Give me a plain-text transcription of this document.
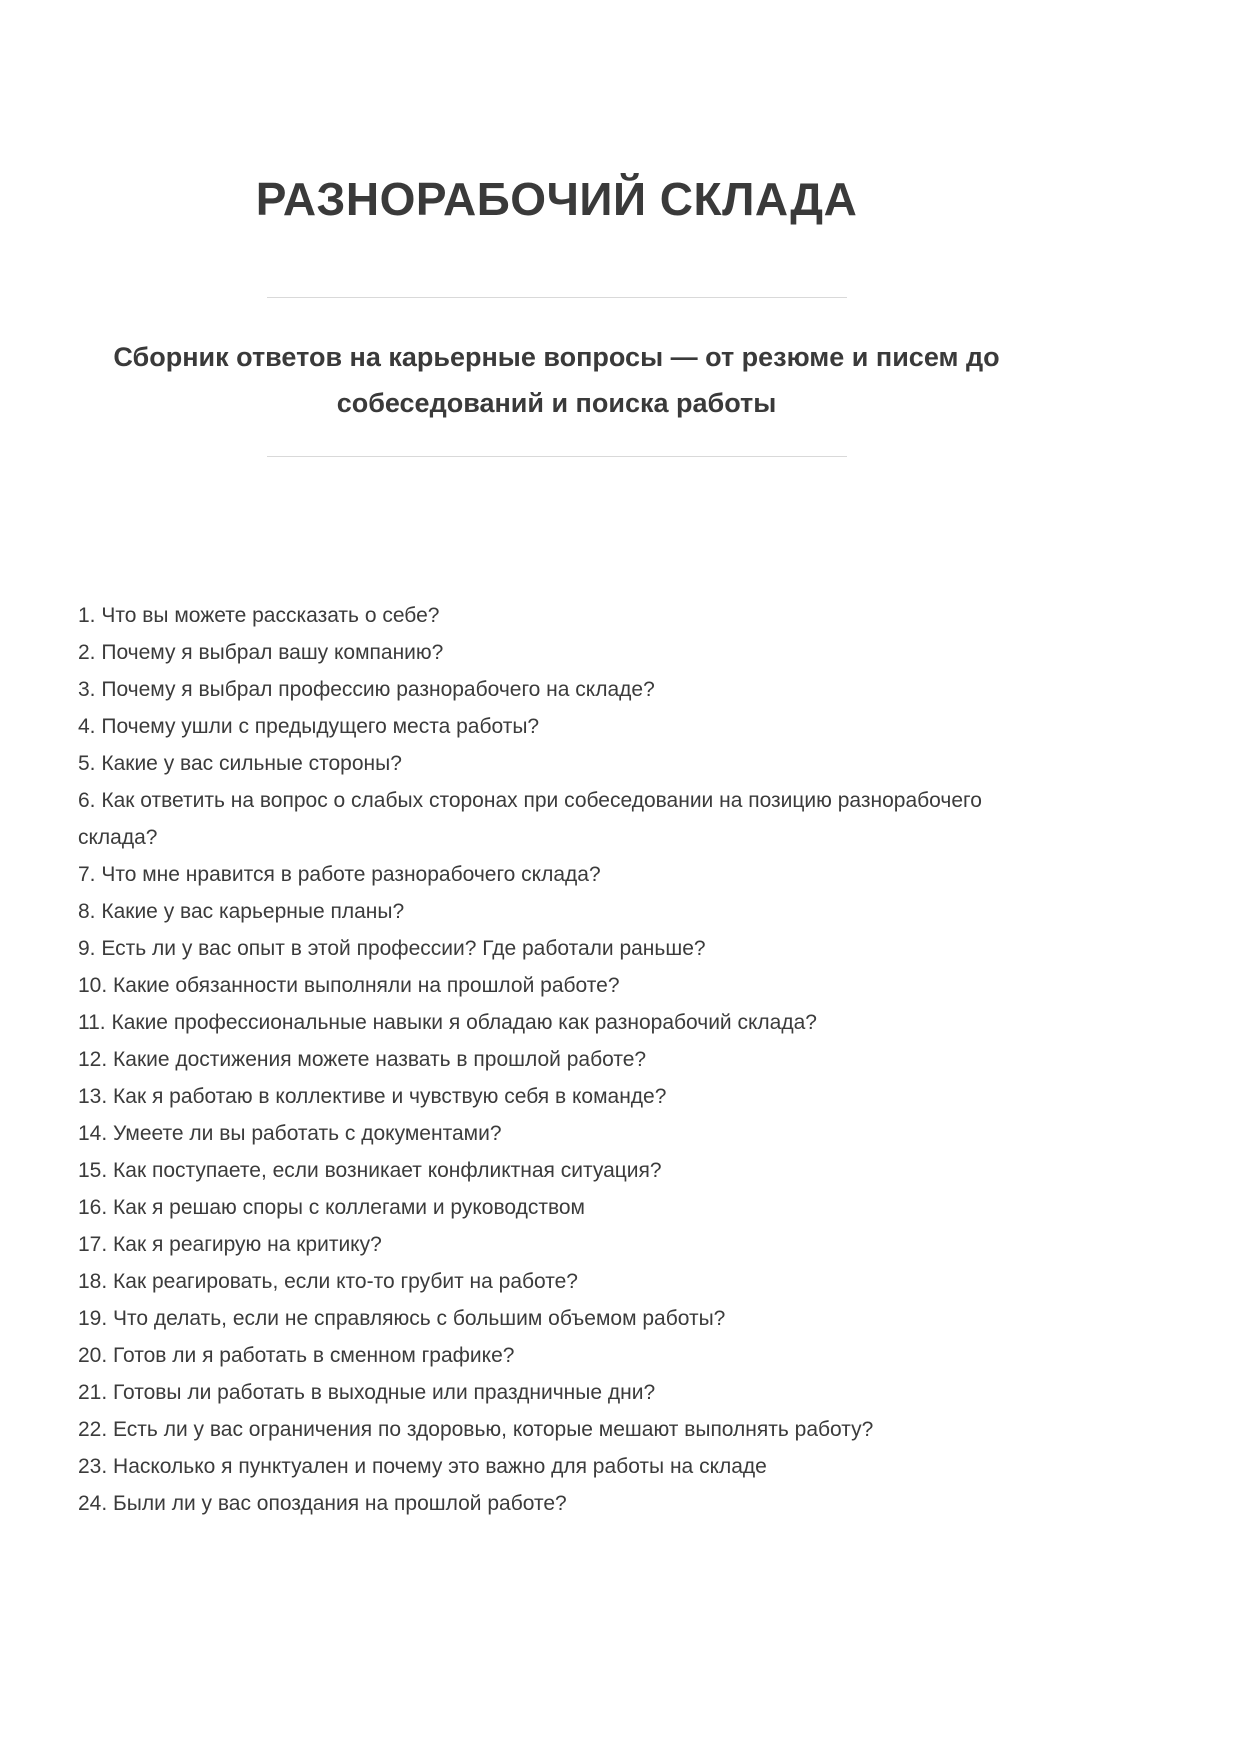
РАЗНОРАБОЧИЙ СКЛАДА
Сборник ответов на карьерные вопросы — от резюме и писем до собеседований и поиска работы
1. Что вы можете рассказать о себе?
2. Почему я выбрал вашу компанию?
3. Почему я выбрал профессию разнорабочего на складе?
4. Почему ушли с предыдущего места работы?
5. Какие у вас сильные стороны?
6. Как ответить на вопрос о слабых сторонах при собеседовании на позицию разнорабочего склада?
7. Что мне нравится в работе разнорабочего склада?
8. Какие у вас карьерные планы?
9. Есть ли у вас опыт в этой профессии? Где работали раньше?
10. Какие обязанности выполняли на прошлой работе?
11. Какие профессиональные навыки я обладаю как разнорабочий склада?
12. Какие достижения можете назвать в прошлой работе?
13. Как я работаю в коллективе и чувствую себя в команде?
14. Умеете ли вы работать с документами?
15. Как поступаете, если возникает конфликтная ситуация?
16. Как я решаю споры с коллегами и руководством
17. Как я реагирую на критику?
18. Как реагировать, если кто-то грубит на работе?
19. Что делать, если не справляюсь с большим объемом работы?
20. Готов ли я работать в сменном графике?
21. Готовы ли работать в выходные или праздничные дни?
22. Есть ли у вас ограничения по здоровью, которые мешают выполнять работу?
23. Насколько я пунктуален и почему это важно для работы на складе
24. Были ли у вас опоздания на прошлой работе?
